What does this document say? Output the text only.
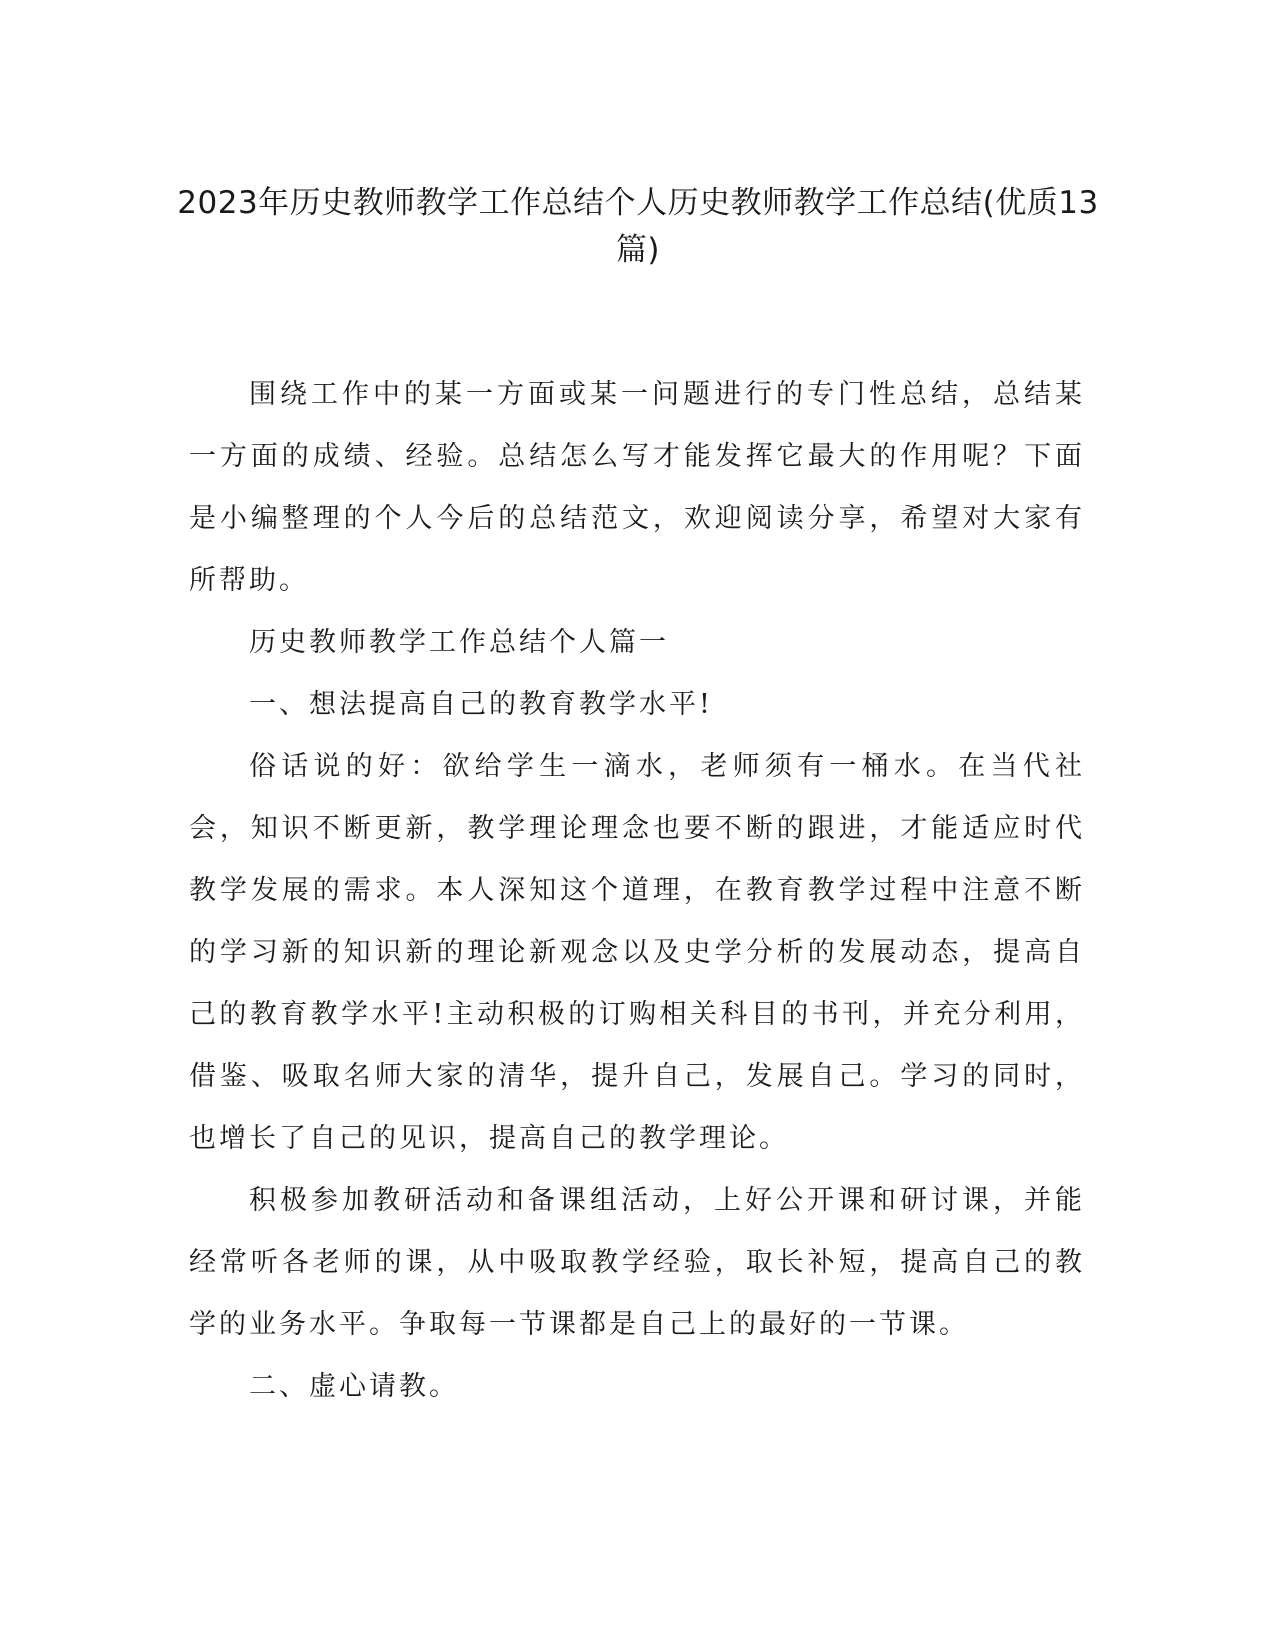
2023年历史教师教学工作总结个人历史教师教学工作总结(优质13篇)

围绕工作中的某一方面或某一问题进行的专门性总结，总结某一方面的成绩、经验。总结怎么写才能发挥它最大的作用呢？下面是小编整理的个人今后的总结范文，欢迎阅读分享，希望对大家有所帮助。

历史教师教学工作总结个人篇一

一、想法提高自己的教育教学水平!

俗话说的好：欲给学生一滴水，老师须有一桶水。在当代社会，知识不断更新，教学理论理念也要不断的跟进，才能适应时代教学发展的需求。本人深知这个道理，在教育教学过程中注意不断的学习新的知识新的理论新观念以及史学分析的发展动态，提高自己的教育教学水平!主动积极的订购相关科目的书刊，并充分利用，借鉴、吸取名师大家的清华，提升自己，发展自己。学习的同时，也增长了自己的见识，提高自己的教学理论。

积极参加教研活动和备课组活动，上好公开课和研讨课，并能经常听各老师的课，从中吸取教学经验，取长补短，提高自己的教学的业务水平。争取每一节课都是自己上的最好的一节课。

二、虚心请教。
